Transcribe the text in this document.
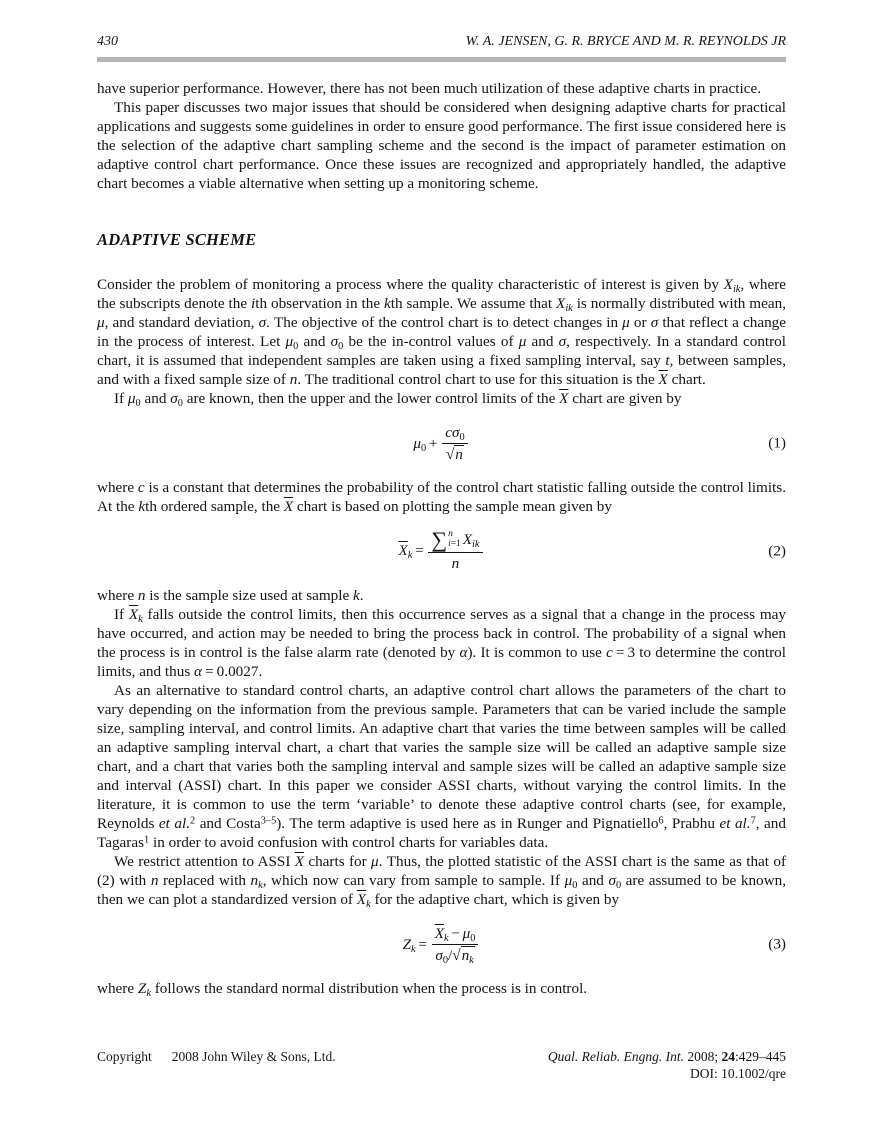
430	W. A. JENSEN, G. R. BRYCE AND M. R. REYNOLDS JR

have superior performance. However, there has not been much utilization of these adaptive charts in practice.

This paper discusses two major issues that should be considered when designing adaptive charts for practical applications and suggests some guidelines in order to ensure good performance. The first issue considered here is the selection of the adaptive chart sampling scheme and the second is the impact of parameter estimation on adaptive control chart performance. Once these issues are recognized and appropriately handled, the adaptive chart becomes a viable alternative when setting up a monitoring scheme.

ADAPTIVE SCHEME

Consider the problem of monitoring a process where the quality characteristic of interest is given by $X_{ik}$, where the subscripts denote the ith observation in the kth sample. We assume that $X_{ik}$ is normally distributed with mean, μ, and standard deviation, σ. The objective of the control chart is to detect changes in μ or σ that reflect a change in the process of interest. Let $\mu_0$ and $\sigma_0$ be the in-control values of μ and σ, respectively. In a standard control chart, it is assumed that independent samples are taken using a fixed sampling interval, say t, between samples, and with a fixed sample size of n. The traditional control chart to use for this situation is the $\overline{X}$ chart.

If $\mu_0$ and $\sigma_0$ are known, then the upper and the lower control limits of the $\overline{X}$ chart are given by

$\mu_0 + \frac{c\sigma_0}{√n}$	(1)

where c is a constant that determines the probability of the control chart statistic falling outside the control limits. At the kth ordered sample, the $\overline{X}$ chart is based on plotting the sample mean given by

$\overline{X}_k$ = ∑ n
i=1 $X_{ik}$
n
(2)

where n is the sample size used at sample k.

If $\overline{X}_k$ falls outside the control limits, then this occurrence serves as a signal that a change in the process may have occurred, and action may be needed to bring the process back in control. The probability of a signal when the process is in control is the false alarm rate (denoted by α). It is common to use c = 3 to determine the control limits, and thus α = 0.0027.

As an alternative to standard control charts, an adaptive control chart allows the parameters of the chart to vary depending on the information from the previous sample. Parameters that can be varied include the sample size, sampling interval, and control limits. An adaptive chart that varies the time between samples will be called an adaptive sampling interval chart, a chart that varies the sample size will be called an adaptive sample size chart, and a chart that varies both the sampling interval and sample sizes will be called an adaptive sample size and interval (ASSI) chart. In this paper we consider ASSI charts, without varying the control limits. In the literature, it is common to use the term ‘variable’ to denote these adaptive control charts (see, for example, Reynolds et al.$^2$ and Costa$^{3-5}$). The term adaptive is used here as in Runger and Pignatiello$^6$, Prabhu et al.$^7$, and Tagaras$^1$ in order to avoid confusion with control charts for variables data.

We restrict attention to ASSI $\overline{X}$ charts for μ. Thus, the plotted statistic of the ASSI chart is the same as that of (2) with n replaced with $n_k$, which now can vary from sample to sample. If $\mu_0$ and $\sigma_0$ are assumed to be known, then we can plot a standardized version of $\overline{X}_k$ for the adaptive chart, which is given by

$Z_k = \frac{\overline{X}_k - \mu_0}{\sigma_0/√n_k}$	(3)

where $Z_k$ follows the standard normal distribution when the process is in control.

Copyright 2008 John Wiley & Sons, Ltd.	Qual. Reliab. Engng. Int. 2008; 24:429–445
DOI: 10.1002/qre
